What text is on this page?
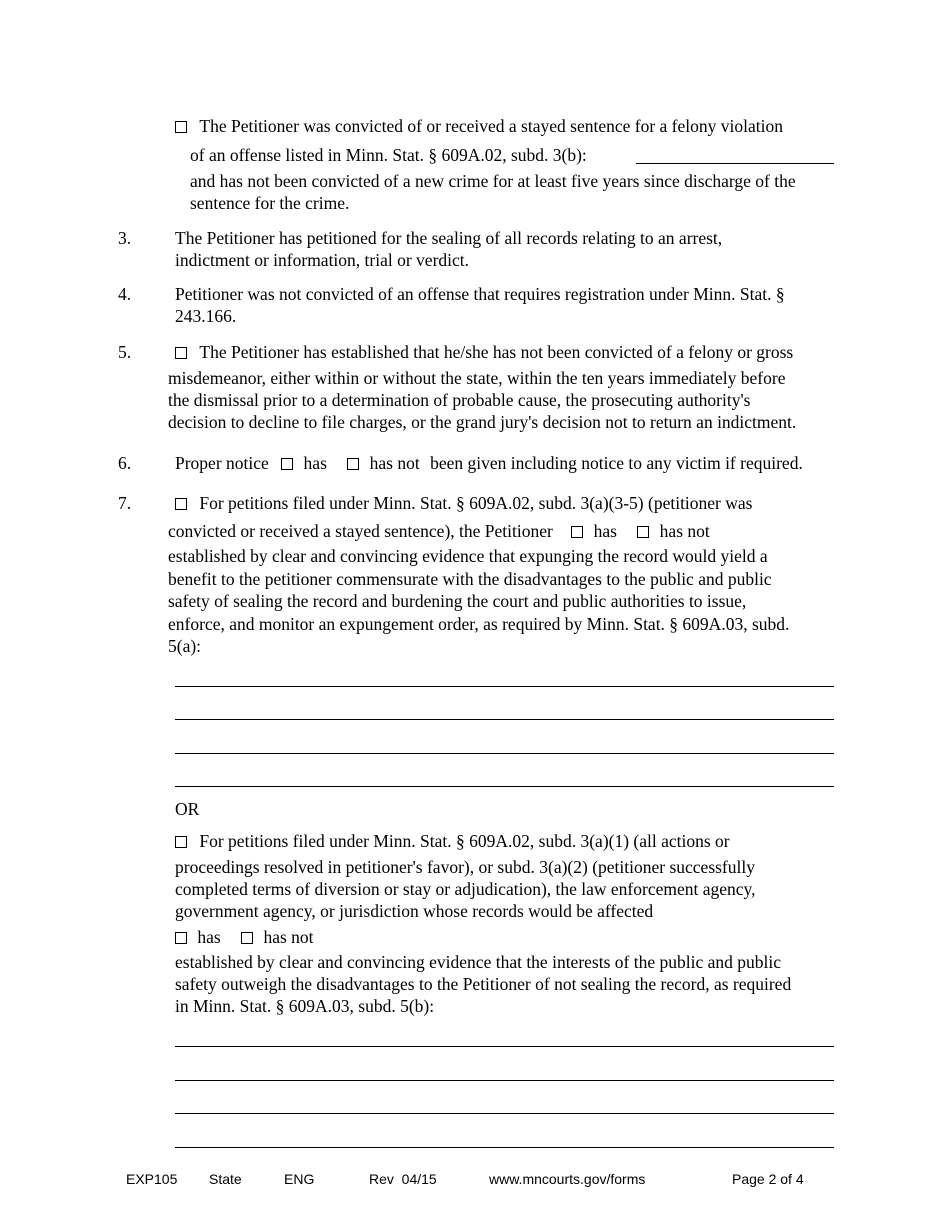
The Petitioner was convicted of or received a stayed sentence for a felony violation
of an offense listed in Minn. Stat. § 609A.02, subd. 3(b):
and has not been convicted of a new crime for at least five years since discharge of the
sentence for the crime.
3.	The Petitioner has petitioned for the sealing of all records relating to an arrest,
indictment or information, trial or verdict.
4.	Petitioner was not convicted of an offense that requires registration under Minn. Stat. §
243.166.
5.	The Petitioner has established that he/she has not been convicted of a felony or gross
misdemeanor, either within or without the state, within the ten years immediately before
the dismissal prior to a determination of probable cause, the prosecuting authority's
decision to decline to file charges, or the grand jury's decision not to return an indictment.
6.	Proper notice has has not been given including notice to any victim if required.
7.	For petitions filed under Minn. Stat. § 609A.02, subd. 3(a)(3-5) (petitioner was
convicted or received a stayed sentence), the Petitioner has has not
established by clear and convincing evidence that expunging the record would yield a
benefit to the petitioner commensurate with the disadvantages to the public and public
safety of sealing the record and burdening the court and public authorities to issue,
enforce, and monitor an expungement order, as required by Minn. Stat. § 609A.03, subd.
5(a):
OR
For petitions filed under Minn. Stat. § 609A.02, subd. 3(a)(1) (all actions or
proceedings resolved in petitioner's favor), or subd. 3(a)(2) (petitioner successfully
completed terms of diversion or stay or adjudication), the law enforcement agency,
government agency, or jurisdiction whose records would be affected
has has not
established by clear and convincing evidence that the interests of the public and public
safety outweigh the disadvantages to the Petitioner of not sealing the record, as required
in Minn. Stat. § 609A.03, subd. 5(b):
EXP105 State	ENG	Rev  04/15	www.mncourts.gov/forms	Page 2 of 4
